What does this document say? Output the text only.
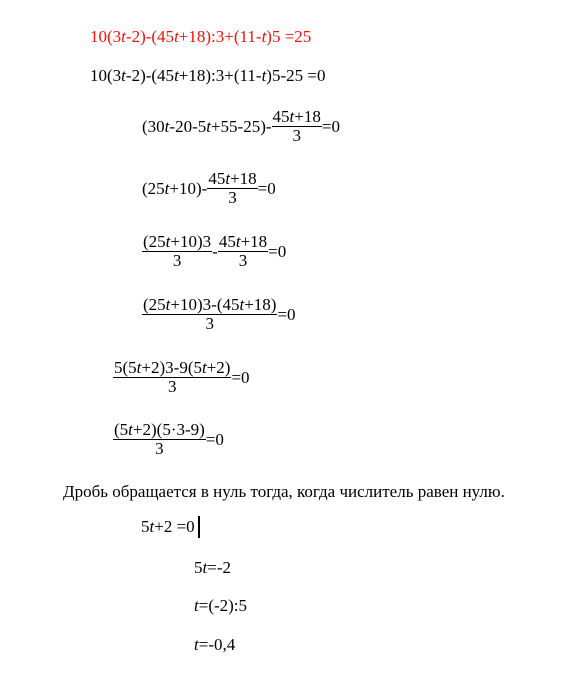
10(3t-2)-(45t+18):3+(11-t)5 =25
10(3t-2)-(45t+18):3+(11-t)5-25 =0
$(30t-20-5t+55-25)- \frac{45t+18}{3} =0$
$(25t+10)- \frac{45t+18}{3} =0$
$\frac{(25t+10)3}{3} - \frac{45t+18}{3} =0$
$\frac{(25t+10)3-(45t+18)}{3} =0$
$\frac{5(5t+2)3-9(5t+2)}{3} =0$
$\frac{(5t+2)(5\cdot 3-9)}{3} =0$
Дробь обращается в нуль тогда, когда числитель равен нулю.
5t+2 =0
5t=-2
t=(-2):5
t=-0,4
